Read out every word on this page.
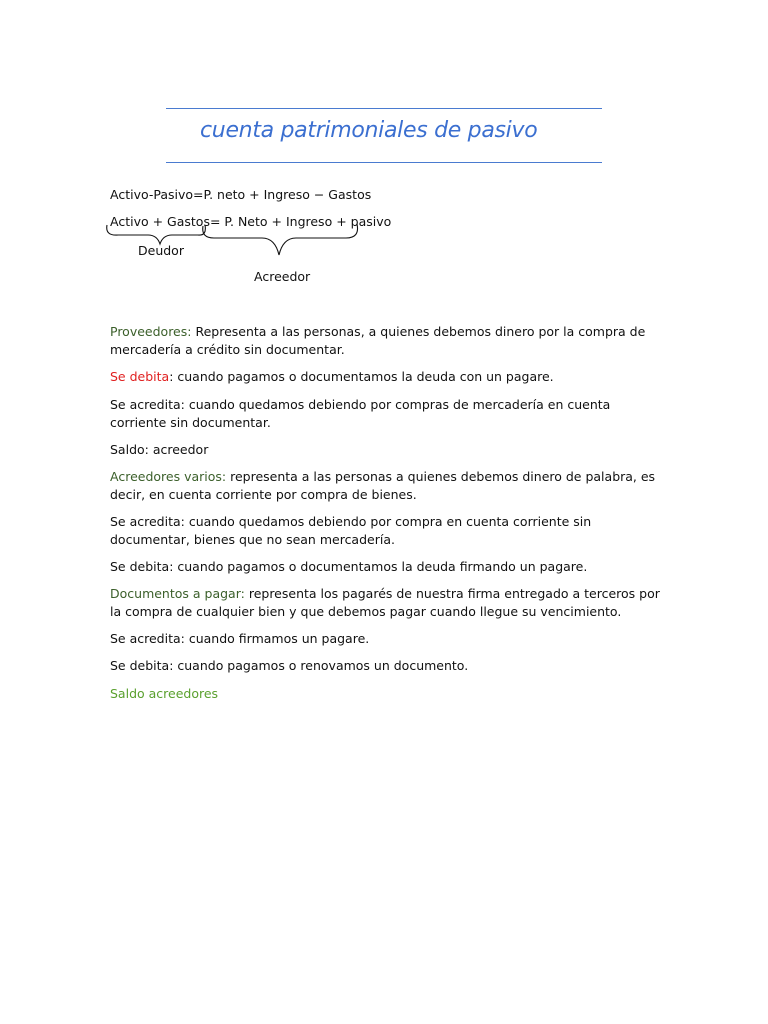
cuenta patrimoniales de pasivo
Activo-Pasivo=P. neto + Ingreso − Gastos
Activo + Gastos= P. Neto + Ingreso + pasivo
Deudor
Acreedor
Proveedores: Representa a las personas, a quienes debemos dinero por la compra de mercadería a crédito sin documentar.
Se debita: cuando pagamos o documentamos la deuda con un pagare.
Se acredita: cuando quedamos debiendo por compras de mercadería en cuenta corriente sin documentar.
Saldo: acreedor
Acreedores varios: representa a las personas a quienes debemos dinero de palabra, es decir, en cuenta corriente por compra de bienes.
Se acredita: cuando quedamos debiendo por compra en cuenta corriente sin documentar, bienes que no sean mercadería.
Se debita: cuando pagamos o documentamos la deuda firmando un pagare.
Documentos a pagar: representa los pagarés de nuestra firma entregado a terceros por la compra de cualquier bien y que debemos pagar cuando llegue su vencimiento.
Se acredita: cuando firmamos un pagare.
Se debita: cuando pagamos o renovamos un documento.
Saldo acreedores
